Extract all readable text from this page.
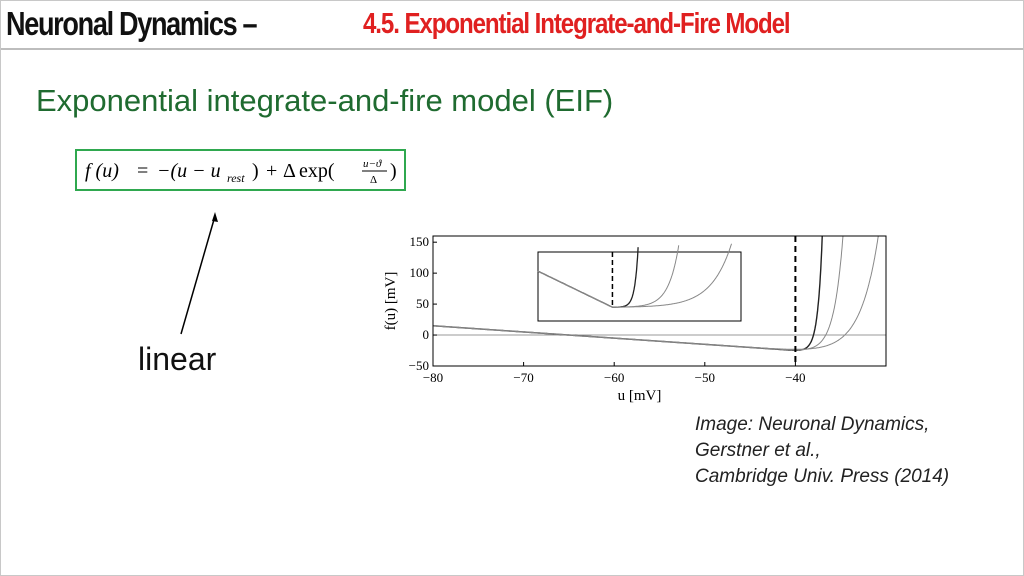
Neuronal Dynamics –	4.5. Exponential Integrate-and-Fire Model
Exponential integrate-and-fire model (EIF)
f (u) = −(u − u rest ) + Δ exp(	u−ϑ
Δ )
linear
−80	−70	−60	−50	−40
−50
0
50
100
150
u [mV]
f(u) [mV]
Image: Neuronal Dynamics,
Gerstner et al.,
Cambridge Univ. Press (2014)
